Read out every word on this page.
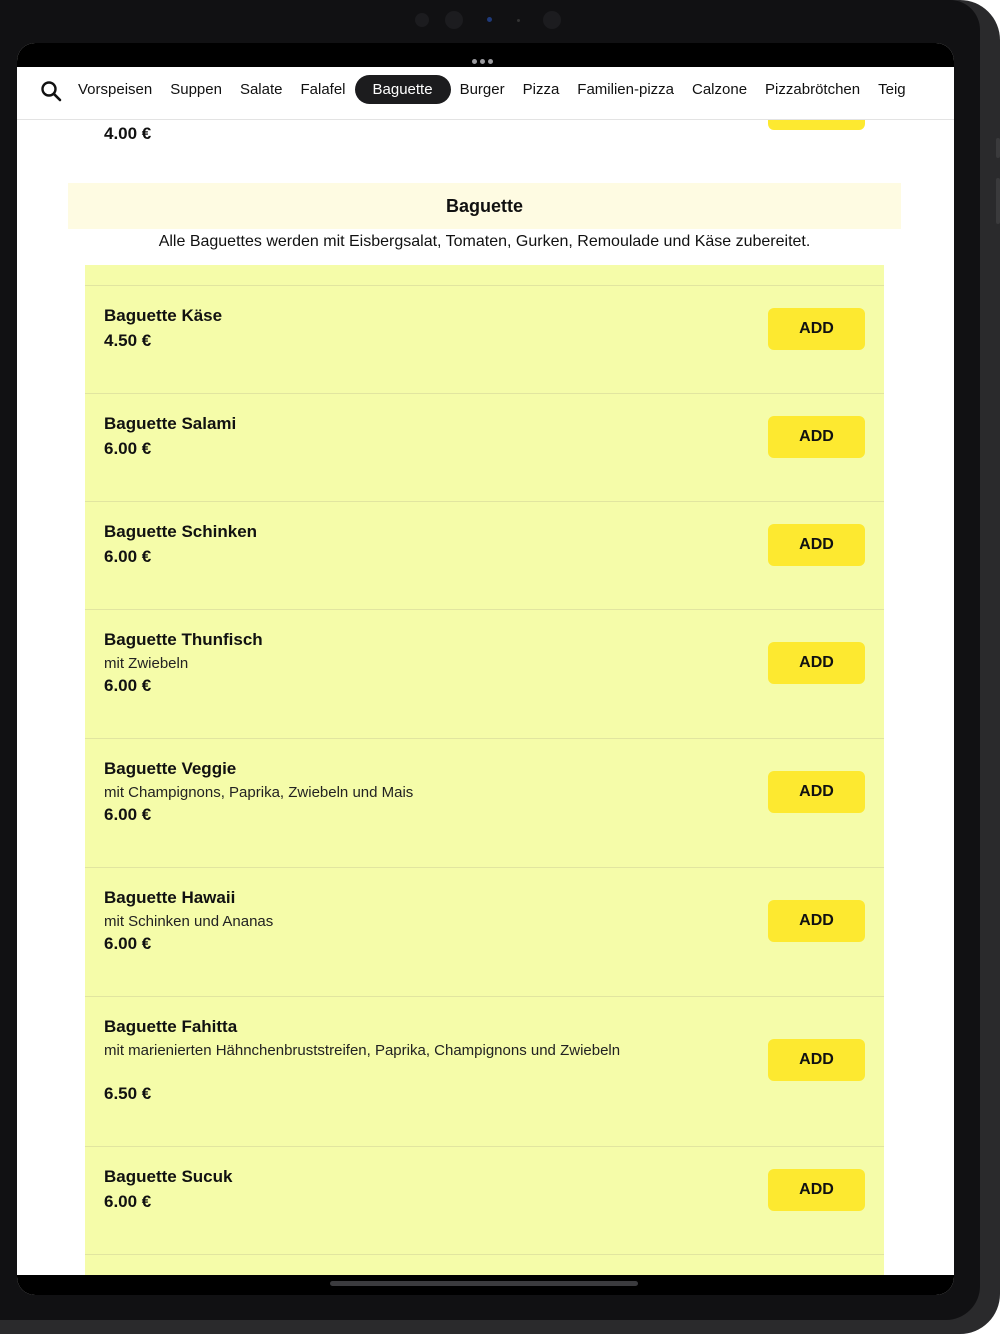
Vorspeisen	Suppen	Salate	Falafel	Baguette	Burger	Pizza	Familien-pizza	Calzone	Pizzabrötchen	Teig
4.00 €
Baguette
Alle Baguettes werden mit Eisbergsalat, Tomaten, Gurken, Remoulade und Käse zubereitet.
Baguette Käse
4.50 €
ADD
Baguette Salami
6.00 €
ADD
Baguette Schinken
6.00 €
ADD
Baguette Thunfisch
mit Zwiebeln
6.00 €
ADD
Baguette Veggie
mit Champignons, Paprika, Zwiebeln und Mais
6.00 €
ADD
Baguette Hawaii
mit Schinken und Ananas
6.00 €
ADD
Baguette Fahitta
mit marienierten Hähnchenbruststreifen, Paprika, Champignons und Zwiebeln
6.50 €
ADD
Baguette Sucuk
6.00 €
ADD
